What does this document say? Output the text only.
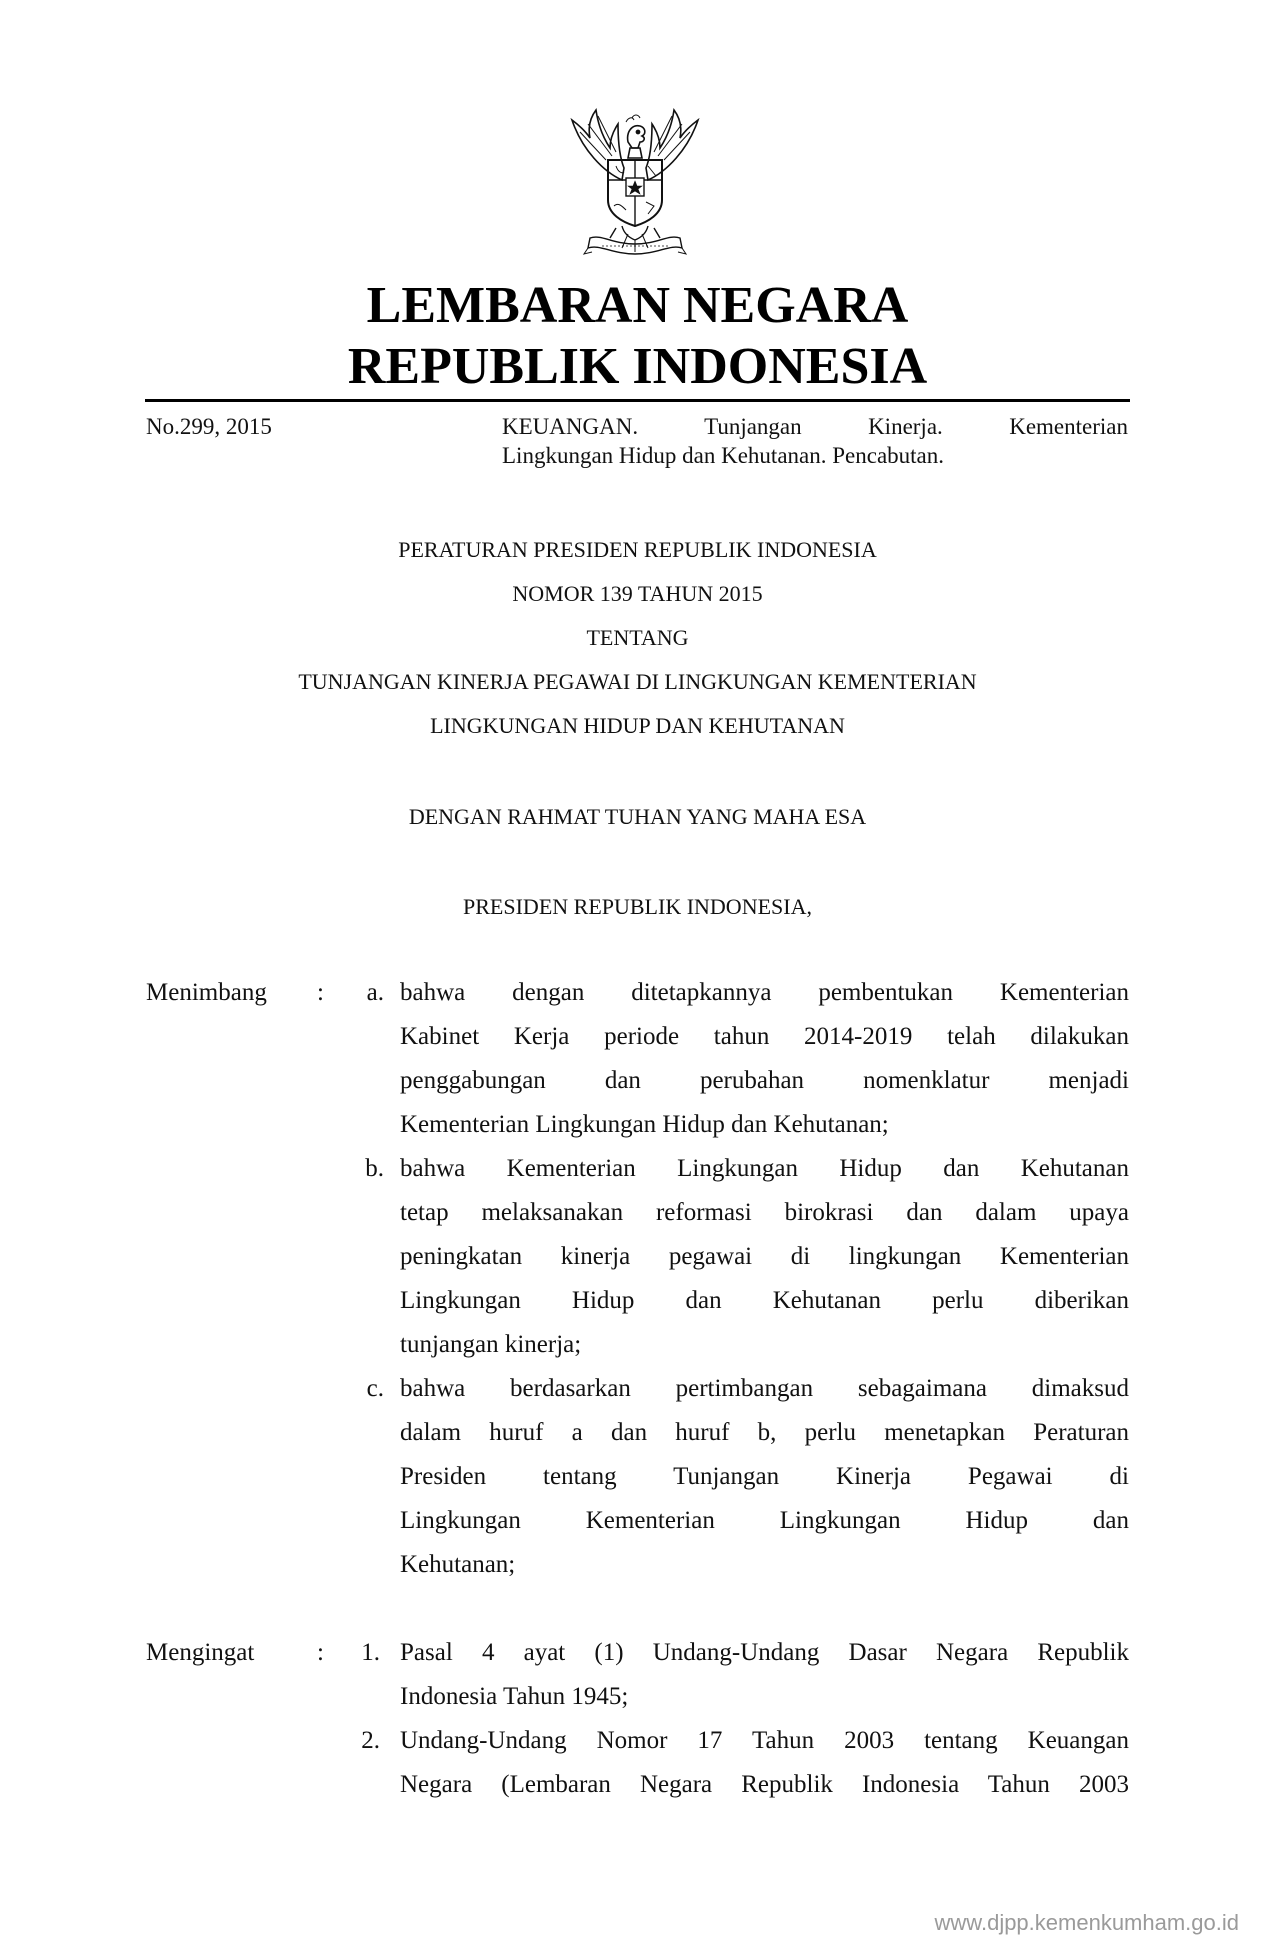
LEMBARAN NEGARA
REPUBLIK INDONESIA
No.299, 2015	KEUANGAN. Tunjangan Kinerja. Kementerian
Lingkungan Hidup dan Kehutanan. Pencabutan.
PERATURAN PRESIDEN REPUBLIK INDONESIA
NOMOR 139 TAHUN 2015
TENTANG
TUNJANGAN KINERJA PEGAWAI DI LINGKUNGAN KEMENTERIAN
LINGKUNGAN HIDUP DAN KEHUTANAN
DENGAN RAHMAT TUHAN YANG MAHA ESA
PRESIDEN REPUBLIK INDONESIA,
Menimbang :	a. bahwa dengan ditetapkannya pembentukan Kementerian
Kabinet Kerja periode tahun 2014-2019 telah dilakukan
penggabungan dan perubahan nomenklatur menjadi
Kementerian Lingkungan Hidup dan Kehutanan;
b. bahwa Kementerian Lingkungan Hidup dan Kehutanan
tetap melaksanakan reformasi birokrasi dan dalam upaya
peningkatan kinerja pegawai di lingkungan Kementerian
Lingkungan Hidup dan Kehutanan perlu diberikan
tunjangan kinerja;
c. bahwa berdasarkan pertimbangan sebagaimana dimaksud
dalam huruf a dan huruf b, perlu menetapkan Peraturan
Presiden tentang Tunjangan Kinerja Pegawai di
Lingkungan Kementerian Lingkungan Hidup dan
Kehutanan;
Mengingat	:	1. Pasal 4 ayat (1) Undang-Undang Dasar Negara Republik
Indonesia Tahun 1945;
2. Undang-Undang Nomor 17 Tahun 2003 tentang Keuangan
Negara (Lembaran Negara Republik Indonesia Tahun 2003
www.djpp.kemenkumham.go.id
